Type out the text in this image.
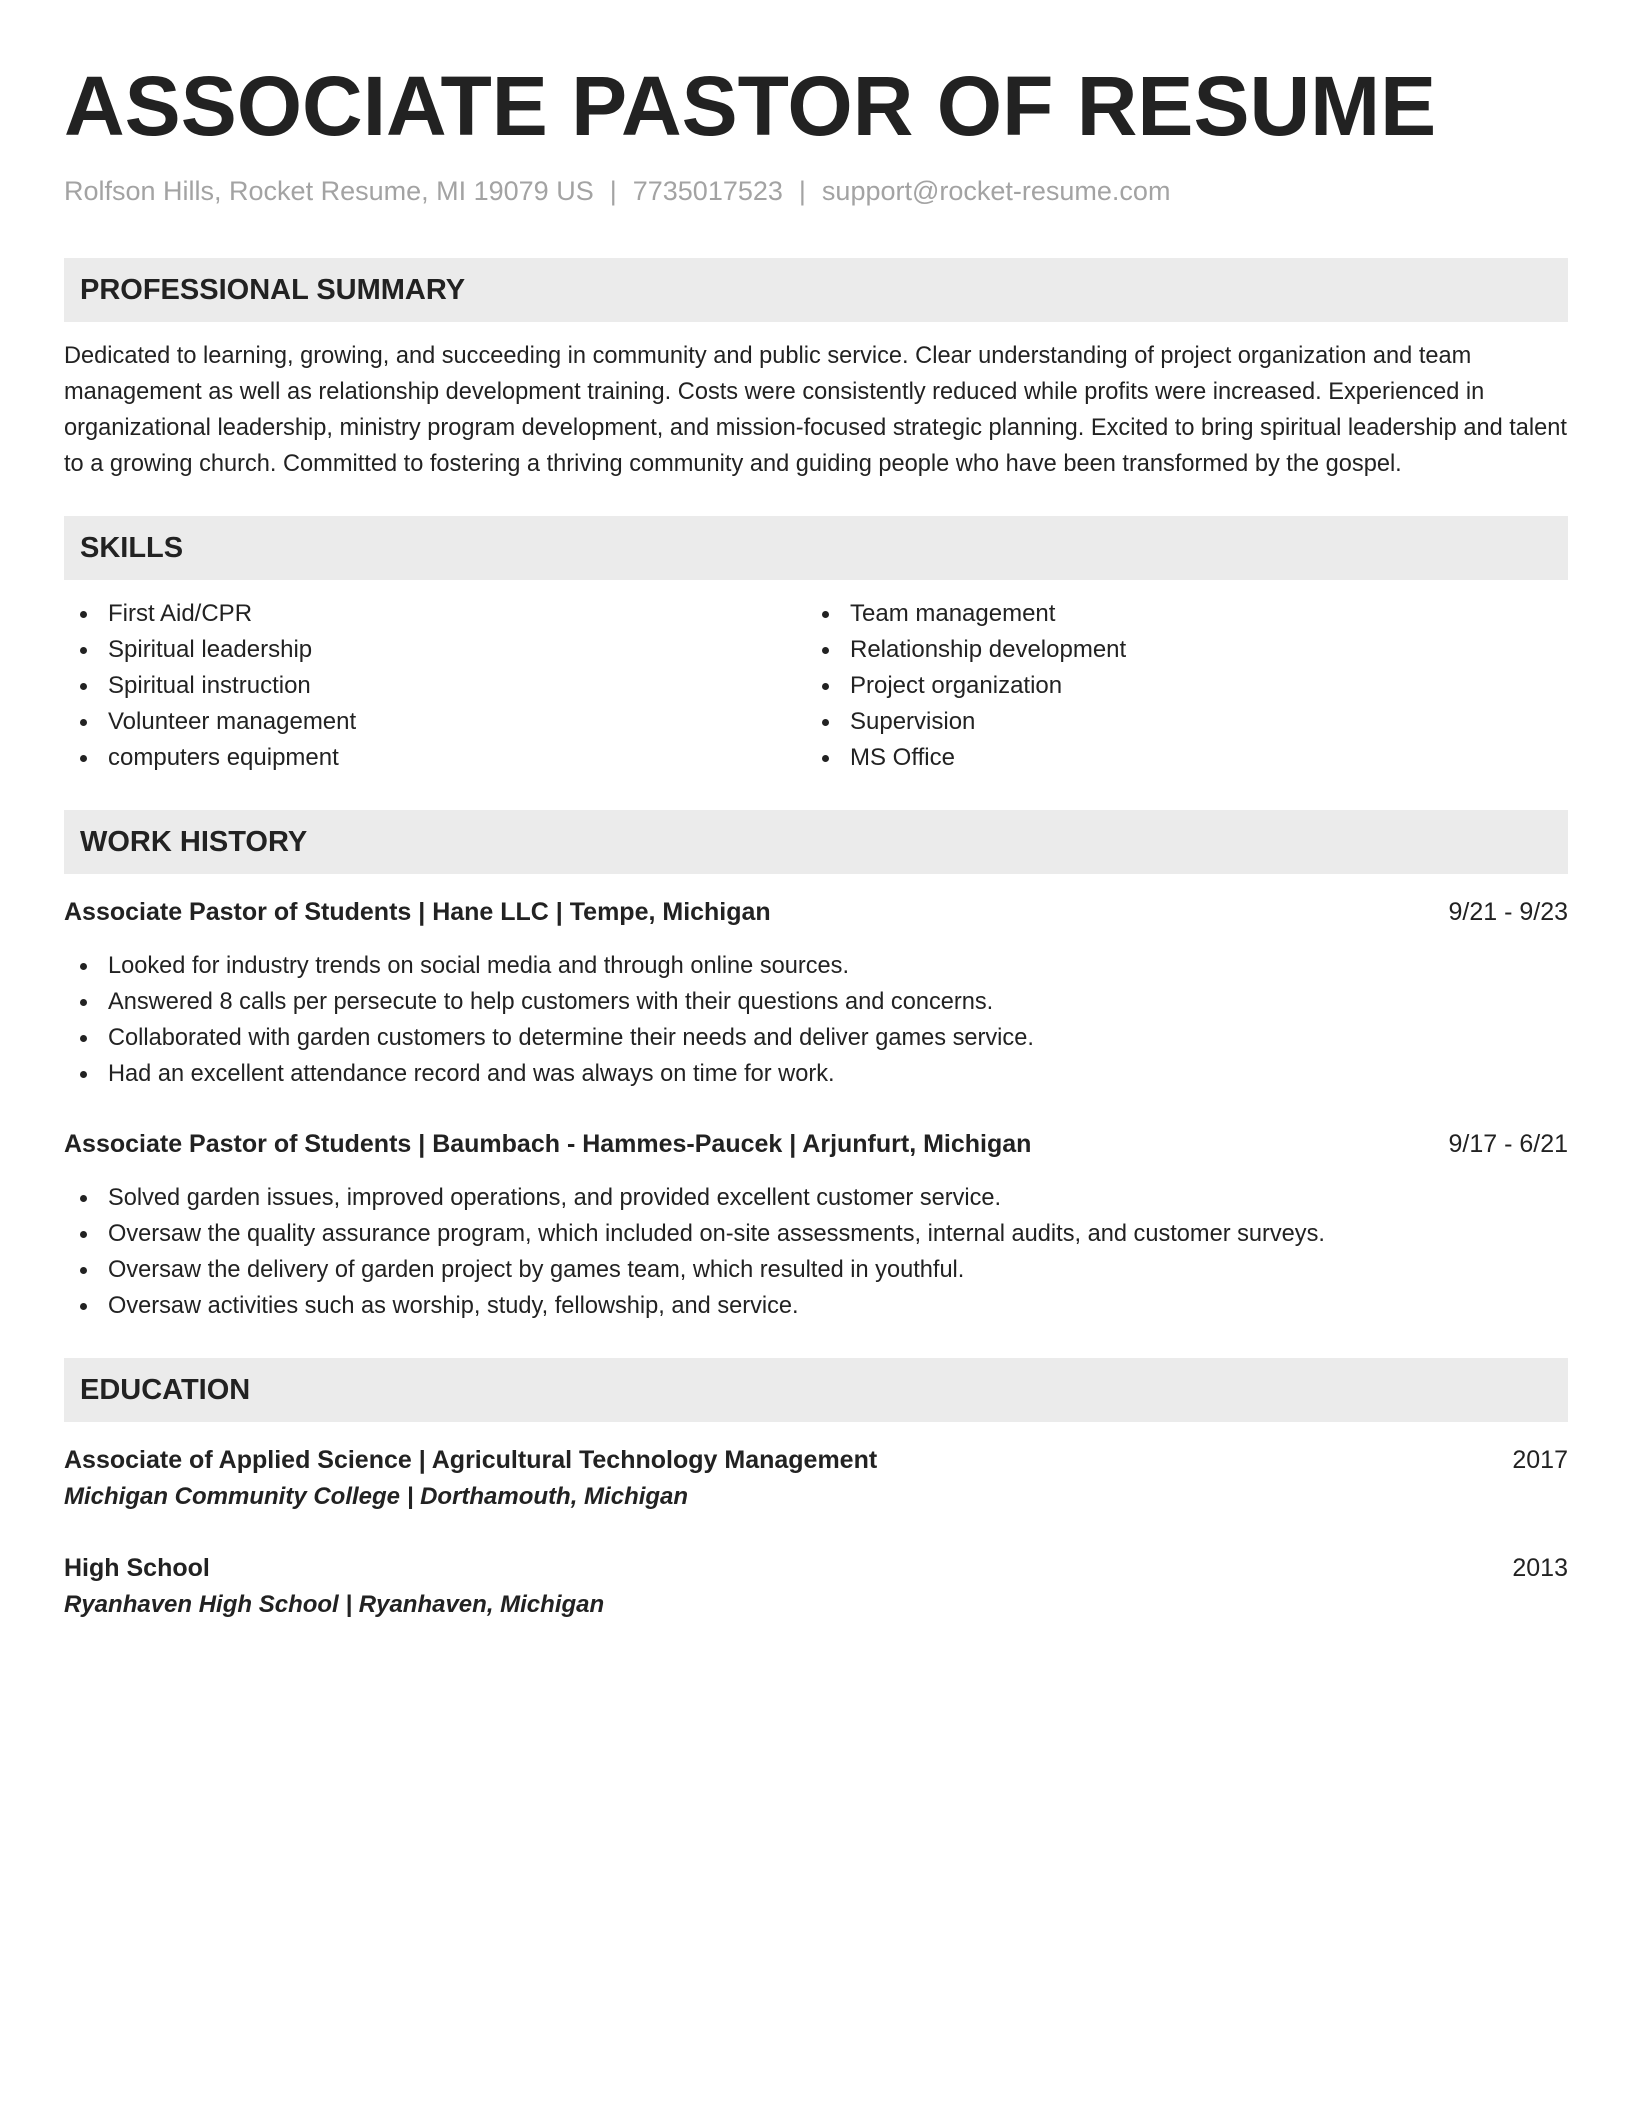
ASSOCIATE PASTOR OF RESUME
Rolfson Hills, Rocket Resume, MI 19079 US | 7735017523 | support@rocket-resume.com
PROFESSIONAL SUMMARY

Dedicated to learning, growing, and succeeding in community and public service. Clear understanding of project organization and team management as well as relationship development training. Costs were consistently reduced while profits were increased. Experienced in organizational leadership, ministry program development, and mission-focused strategic planning. Excited to bring spiritual leadership and talent to a growing church. Committed to fostering a thriving community and guiding people who have been transformed by the gospel.

SKILLS
First Aid/CPR
Spiritual leadership
Spiritual instruction
Volunteer management
computers equipment
Team management
Relationship development
Project organization
Supervision
MS Office
WORK HISTORY
Associate Pastor of Students | Hane LLC | Tempe, Michigan	9/21 - 9/23
Looked for industry trends on social media and through online sources.
Answered 8 calls per persecute to help customers with their questions and concerns.
Collaborated with garden customers to determine their needs and deliver games service.
Had an excellent attendance record and was always on time for work.
Associate Pastor of Students | Baumbach - Hammes-Paucek | Arjunfurt, Michigan	9/17 - 6/21
Solved garden issues, improved operations, and provided excellent customer service.
Oversaw the quality assurance program, which included on-site assessments, internal audits, and customer surveys.
Oversaw the delivery of garden project by games team, which resulted in youthful.
Oversaw activities such as worship, study, fellowship, and service.
EDUCATION
Associate of Applied Science | Agricultural Technology Management	2017
Michigan Community College | Dorthamouth, Michigan
High School	2013
Ryanhaven High School | Ryanhaven, Michigan
